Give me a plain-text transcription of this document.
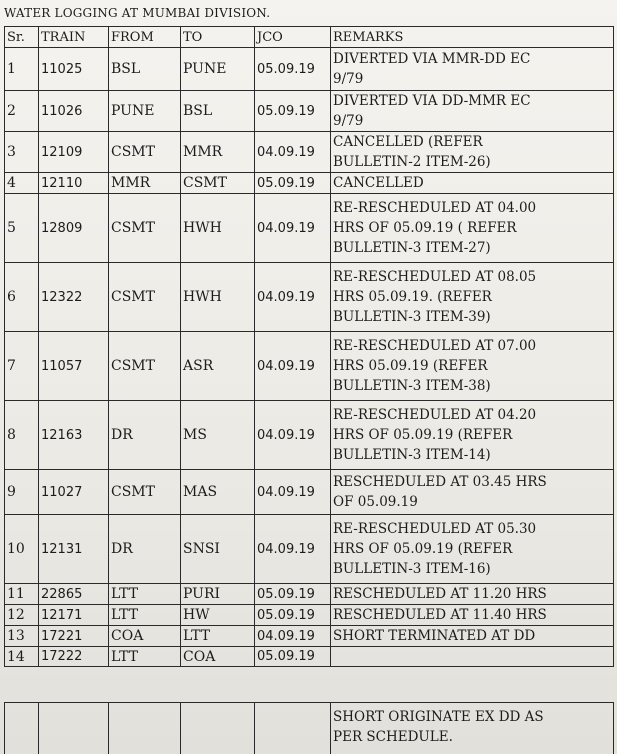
WATER LOGGING AT MUMBAI DIVISION.
Sr.	TRAIN	FROM	TO	JCO	REMARKS
1	11025	BSL	PUNE	05.09.19	DIVERTED VIA MMR-DD EC
9/79
2	11026	PUNE	BSL	05.09.19	DIVERTED VIA DD-MMR EC
9/79
3	12109	CSMT	MMR	04.09.19	CANCELLED (REFER
BULLETIN-2 ITEM-26)
4	12110	MMR	CSMT	05.09.19	CANCELLED
5	12809	CSMT	HWH	04.09.19	RE-RESCHEDULED AT 04.00
HRS OF 05.09.19 ( REFER
BULLETIN-3 ITEM-27)
6	12322	CSMT	HWH	04.09.19	RE-RESCHEDULED AT 08.05
HRS 05.09.19. (REFER
BULLETIN-3 ITEM-39)
7	11057	CSMT	ASR	04.09.19	RE-RESCHEDULED AT 07.00
HRS 05.09.19 (REFER
BULLETIN-3 ITEM-38)
8	12163	DR	MS	04.09.19	RE-RESCHEDULED AT 04.20
HRS OF 05.09.19 (REFER
BULLETIN-3 ITEM-14)
9	11027	CSMT	MAS	04.09.19	RESCHEDULED AT 03.45 HRS
OF 05.09.19
10	12131	DR	SNSI	04.09.19	RE-RESCHEDULED AT 05.30
HRS OF 05.09.19 (REFER
BULLETIN-3 ITEM-16)
11	22865	LTT	PURI	05.09.19	RESCHEDULED AT 11.20 HRS
12	12171	LTT	HW	05.09.19	RESCHEDULED AT 11.40 HRS
13	17221	COA	LTT	04.09.19	SHORT TERMINATED AT DD
14	17222	LTT	COA	05.09.19	
					SHORT ORIGINATE EX DD AS
PER SCHEDULE.
